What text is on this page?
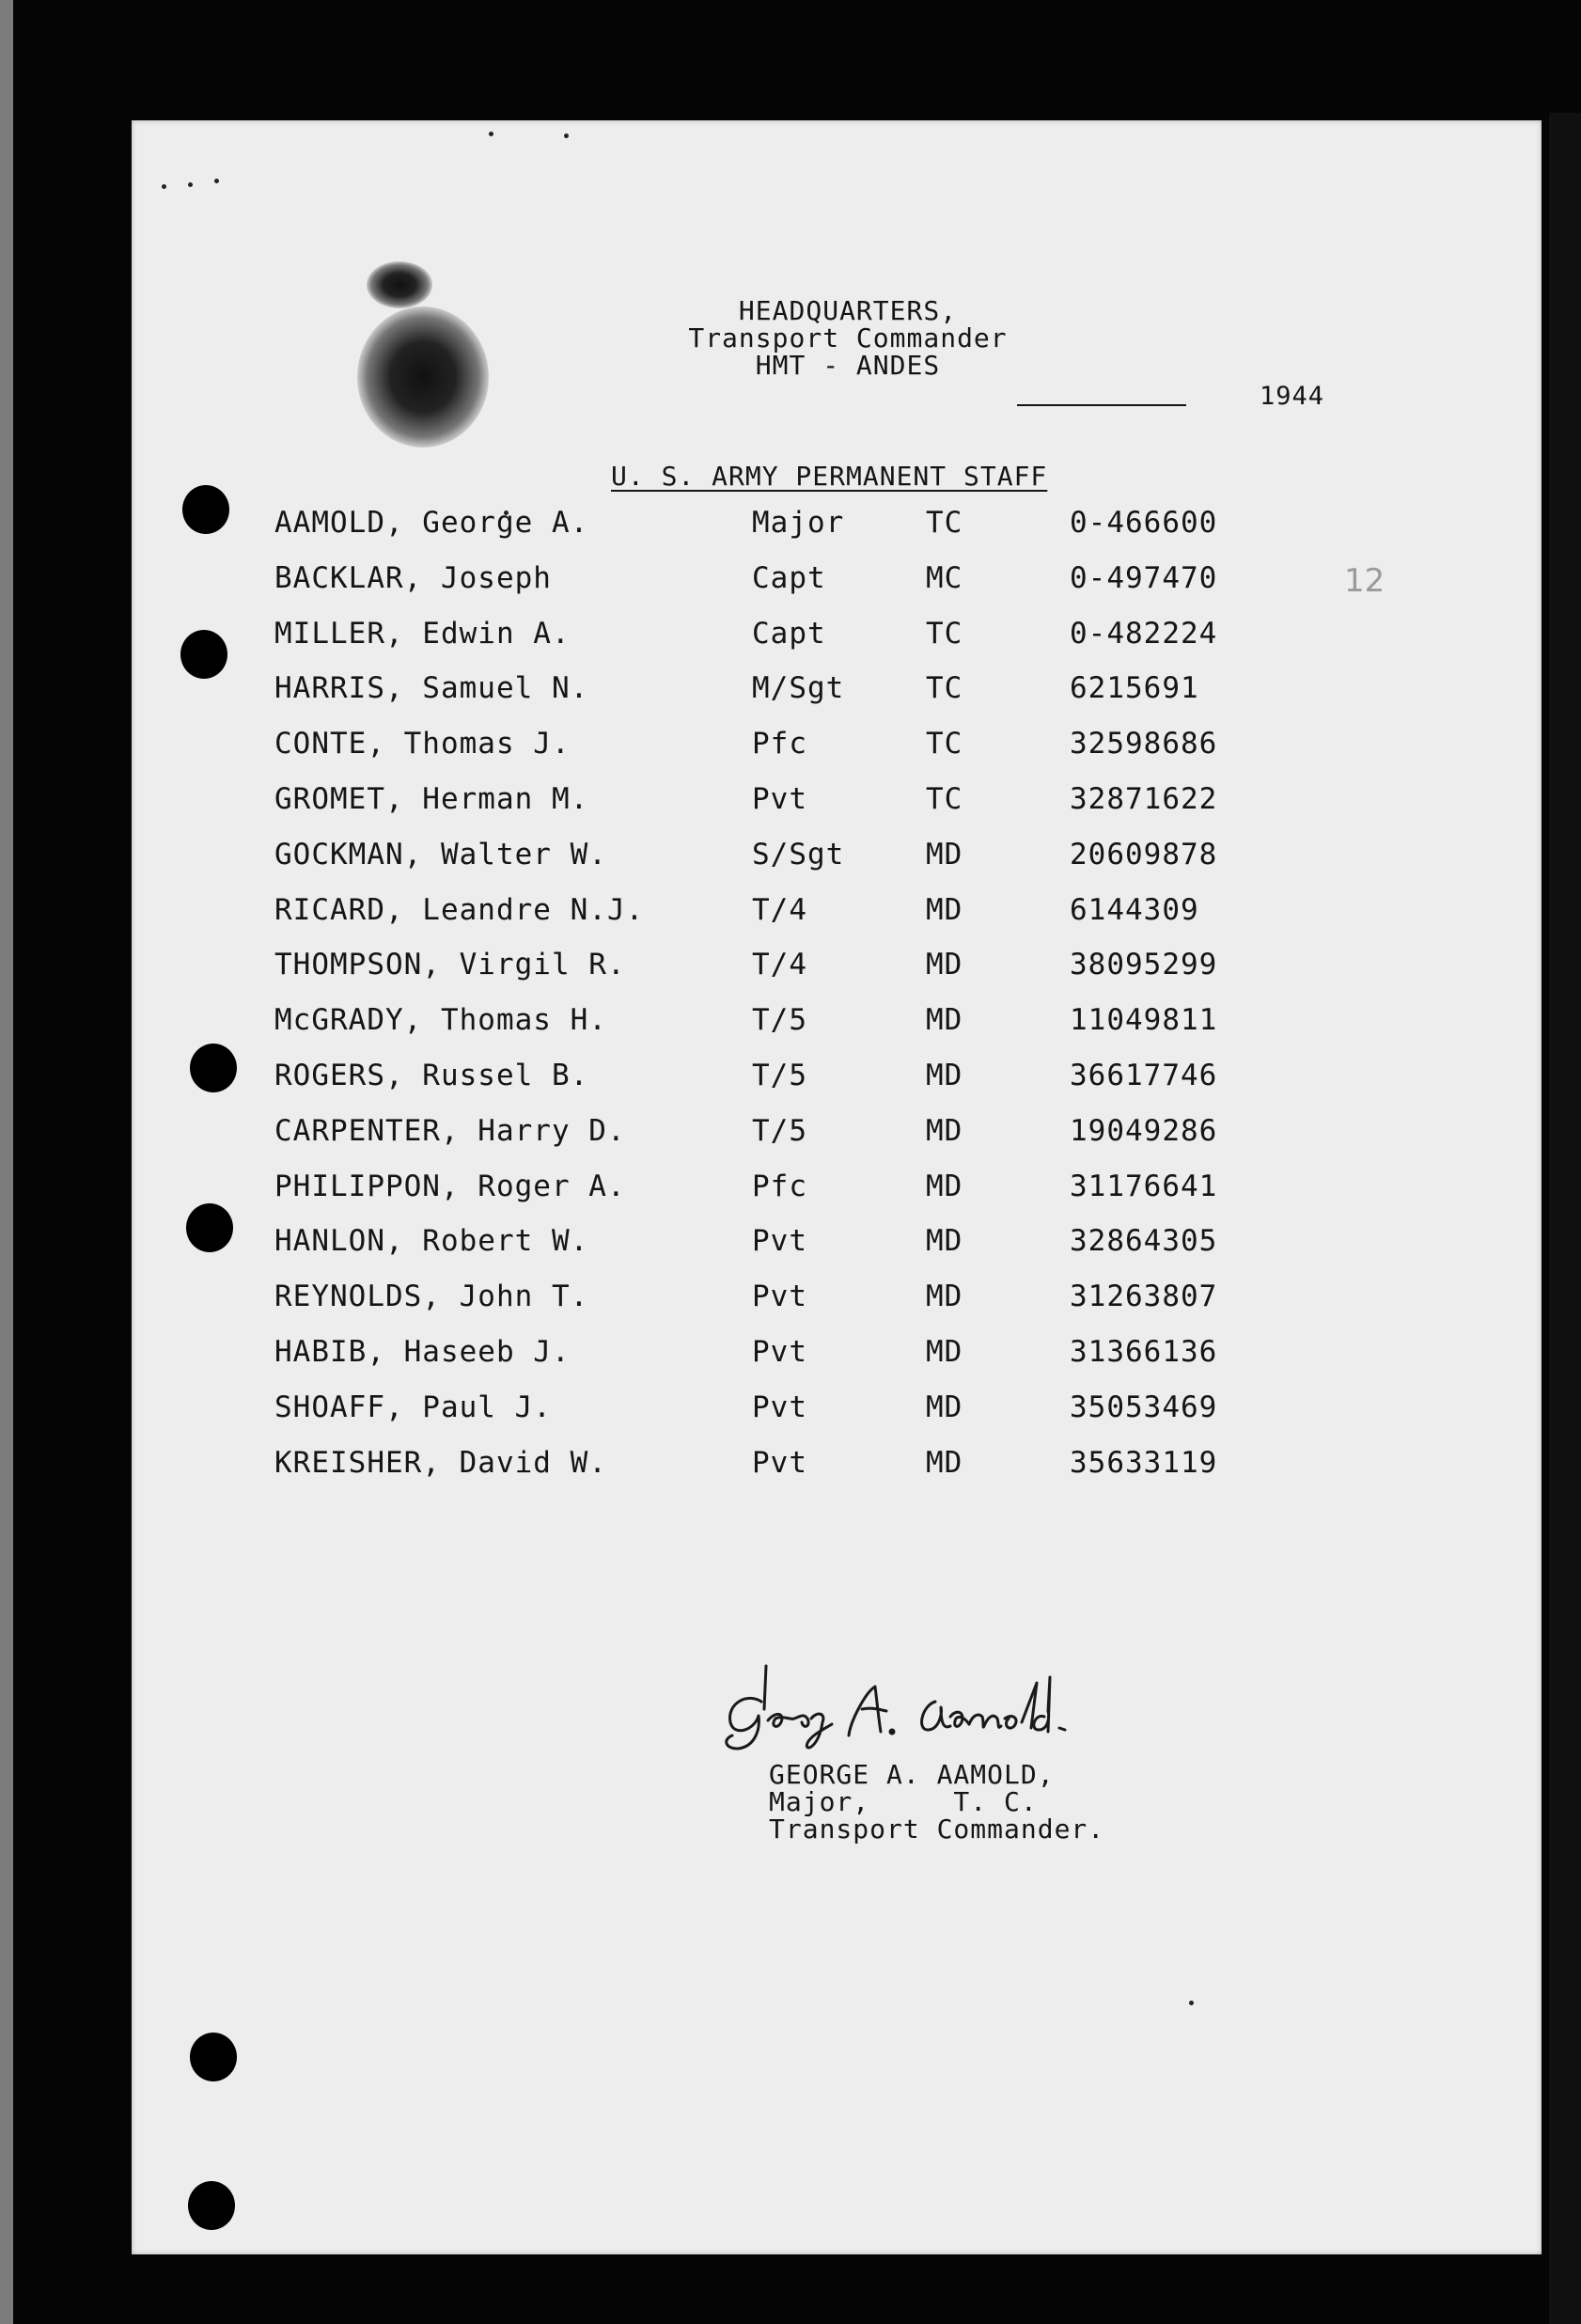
HEADQUARTERS,
Transport Commander
HMT - ANDES
1944
12
U. S. ARMY PERMANENT STAFF
AAMOLD, George A.	Major	TC	0-466600
BACKLAR, Joseph	Capt	MC	0-497470
MILLER, Edwin A.	Capt	TC	0-482224
HARRIS, Samuel N.	M/Sgt	TC	6215691
CONTE, Thomas J.	Pfc	TC	32598686
GROMET, Herman M.	Pvt	TC	32871622
GOCKMAN, Walter W.	S/Sgt	MD	20609878
RICARD, Leandre N.J.	T/4	MD	6144309
THOMPSON, Virgil R.	T/4	MD	38095299
McGRADY, Thomas H.	T/5	MD	11049811
ROGERS, Russel B.	T/5	MD	36617746
CARPENTER, Harry D.	T/5	MD	19049286
PHILIPPON, Roger A.	Pfc	MD	31176641
HANLON, Robert W.	Pvt	MD	32864305
REYNOLDS, John T.	Pvt	MD	31263807
HABIB, Haseeb J.	Pvt	MD	31366136
SHOAFF, Paul J.	Pvt	MD	35053469
KREISHER, David W.	Pvt	MD	35633119
GEORGE A. AAMOLD,
Major,     T. C.
Transport Commander.
